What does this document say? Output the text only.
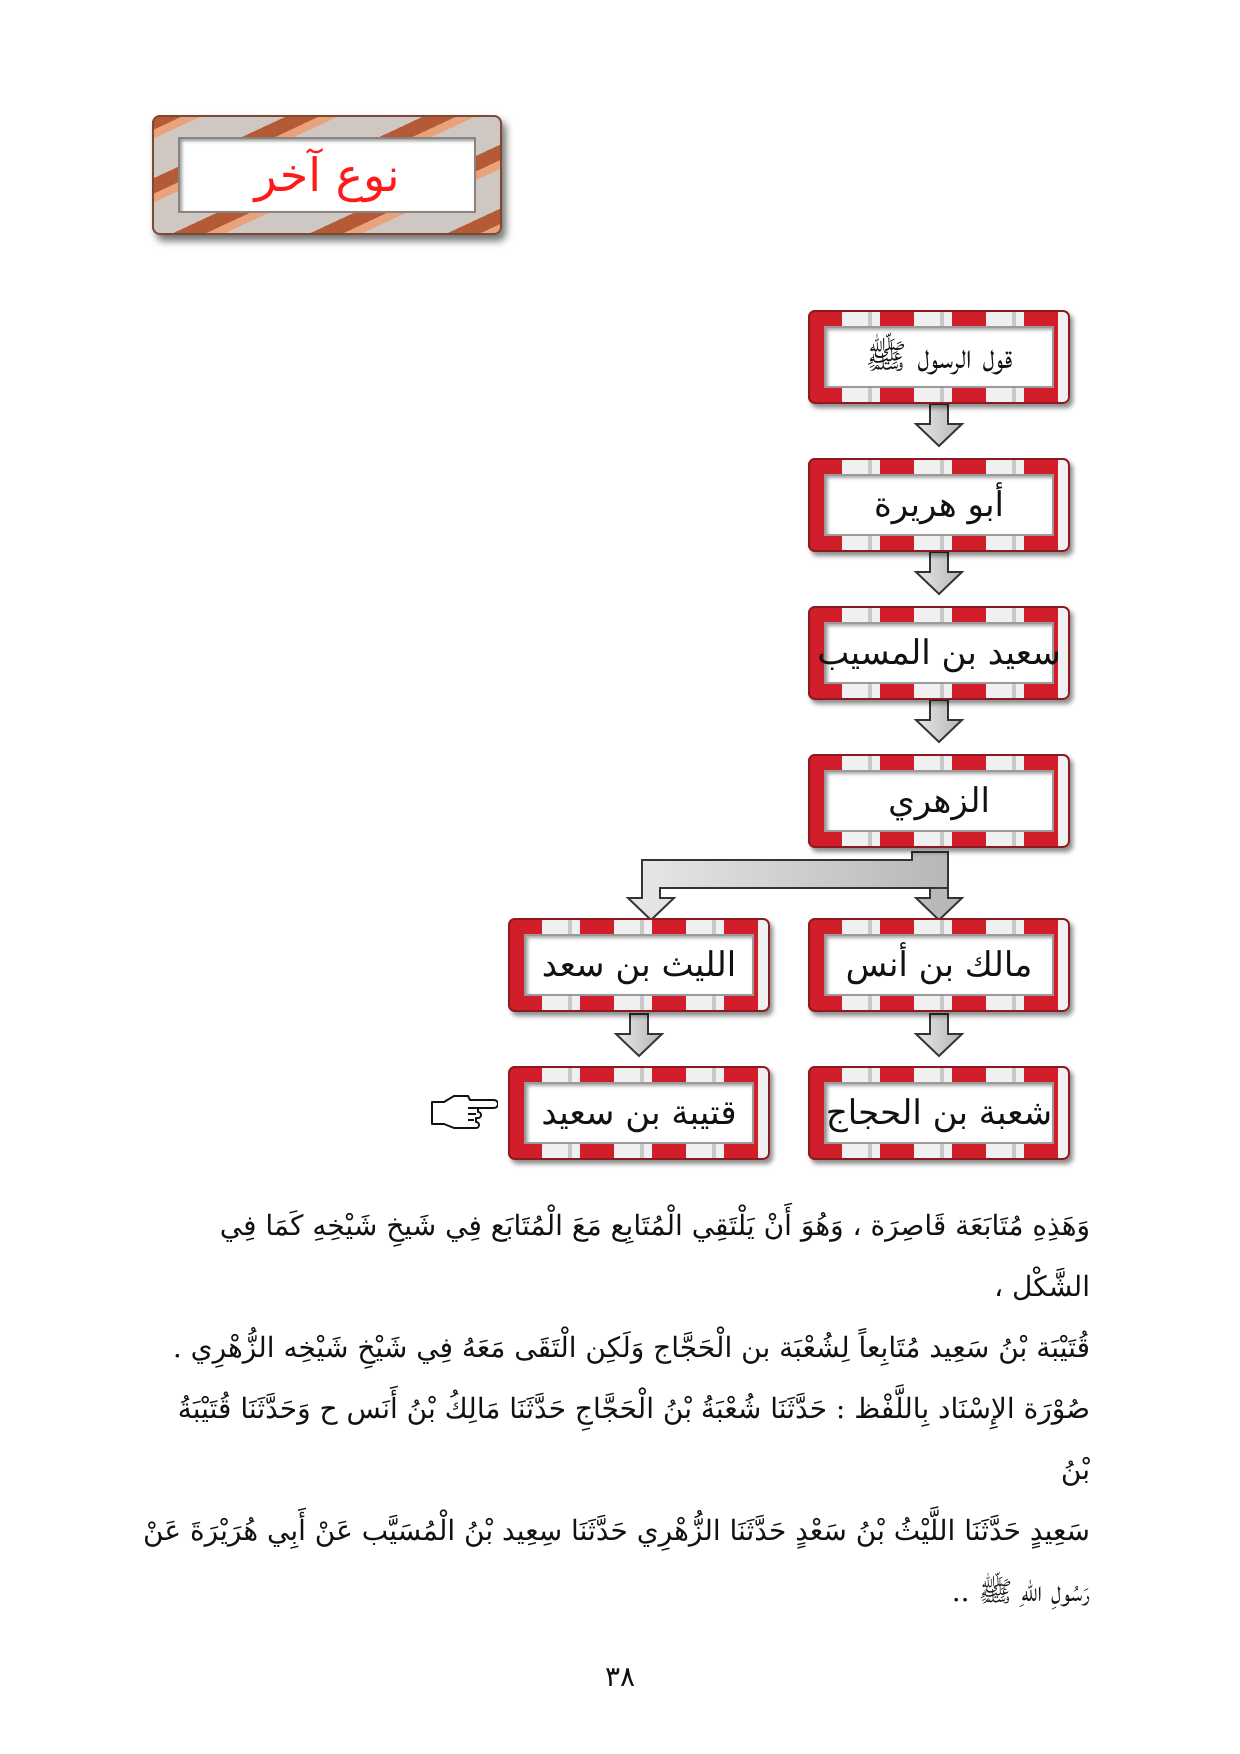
نوع آخر
قول الرسول ﷺ
أبو هريرة
سعيد بن المسيب
الزهري
مالك بن أنس
شعبة بن الحجاج
الليث بن سعد
قتيبة بن سعيد

وَهَذِهِ مُتَابَعَة قَاصِرَة ، وَهُوَ أَنْ يَلْتَقِي الْمُتَابِع مَعَ الْمُتَابَع فِي شَيخِ شَيْخِهِ كَمَا فِي الشَّكْل ،

قُتَيْبَة بْنُ سَعِيد مُتَابِعاً لِشُعْبَة بن الْحَجَّاج وَلَكِن الْتَقَى مَعَهُ فِي شَيْخِ شَيْخِه الزُّهْرِي .

صُوْرَة الإِسْنَاد بِاللَّفْظ : حَدَّثَنَا شُعْبَةُ بْنُ الْحَجَّاجِ حَدَّثَنَا مَالِكُ بْنُ أَنَس ح وَحَدَّثَنَا قُتَيْبَةُ بْنُ

سَعِيدٍ حَدَّثَنَا اللَّيْثُ بْنُ سَعْدٍ حَدَّثَنَا الزُّهْرِي حَدَّثَنَا سِعِيد بْنُ الْمُسَيَّب عَنْ أَبِي هُرَيْرَةَ عَنْ

رَسُولِ اللهِ ﷺ ..

٣٨
